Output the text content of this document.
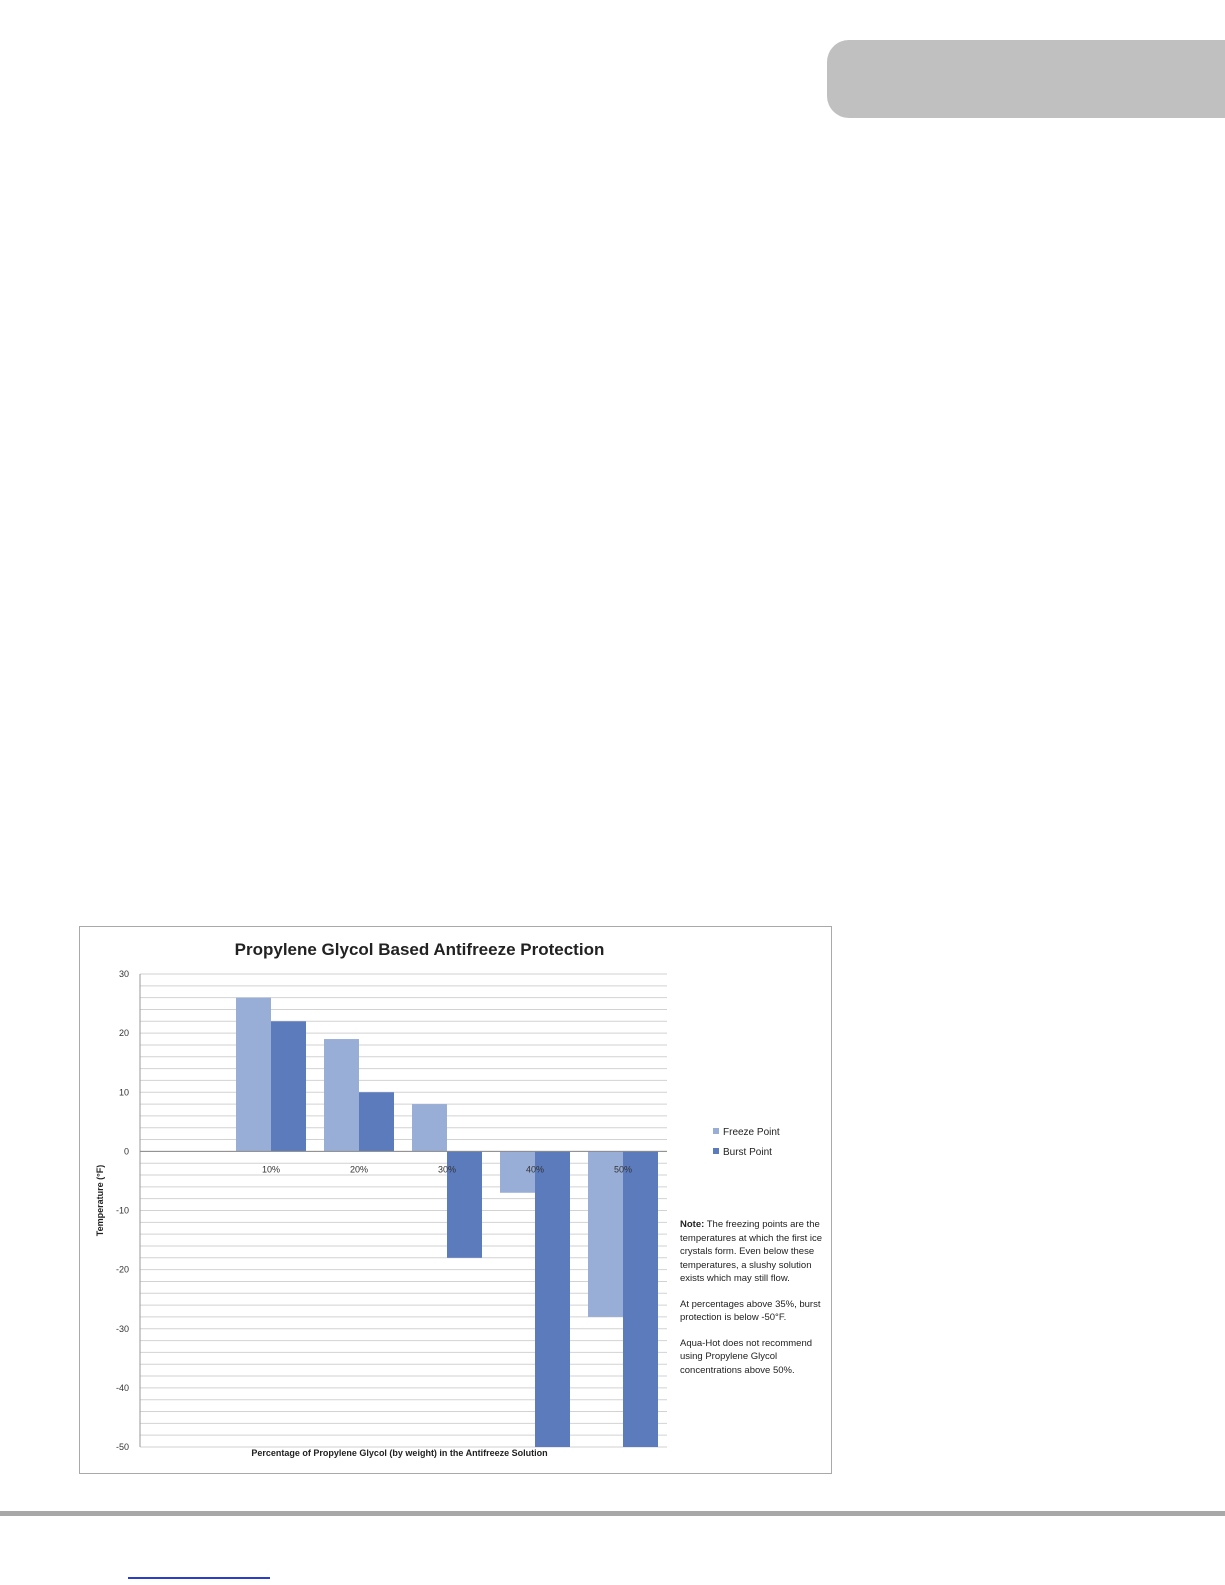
Propylene Glycol Based Antifreeze Protection
30
20
10
0
-10
-20
-30
-40
-50
10%	20%	30%	40%	50%
Temperature (°F)
Percentage of Propylene Glycol (by weight) in the Antifreeze Solution
Freeze Point
Burst Point

Note: The freezing points are the temperatures at which the first ice crystals form. Even below these temperatures, a slushy solution exists which may still flow.

At percentages above 35%, burst protection is below -50°F.

Aqua-Hot does not recommend using Propylene Glycol concentrations above 50%.
